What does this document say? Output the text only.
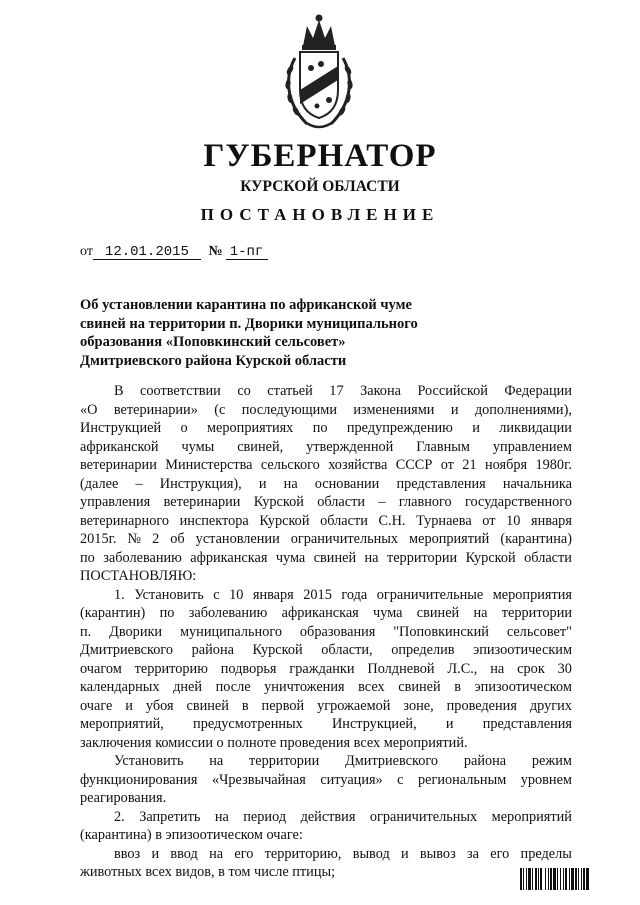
ГУБЕРНАТОР
КУРСКОЙ ОБЛАСТИ
ПОСТАНОВЛЕНИЕ
от 12.01.2015 № 1-пг
Об установлении карантина по африканской чуме
свиней на территории п. Дворики муниципального
образования «Поповкинский сельсовет»
Дмитриевского района Курской области
В соответствии со статьей 17 Закона Российской Федерации
«О ветеринарии» (с последующими изменениями и дополнениями),
Инструкцией о мероприятиях по предупреждению и ликвидации
африканской чумы свиней, утвержденной Главным управлением
ветеринарии Министерства сельского хозяйства СССР от 21 ноября 1980г.
(далее – Инструкция), и на основании представления начальника
управления ветеринарии Курской области – главного государственного
ветеринарного инспектора Курской области С.Н. Турнаева от 10 января
2015г. № 2 об установлении ограничительных мероприятий (карантина)
по заболеванию африканская чума свиней на территории Курской области
ПОСТАНОВЛЯЮ:
1. Установить с 10 января 2015 года ограничительные мероприятия
(карантин) по заболеванию африканская чума свиней на территории
п. Дворики муниципального образования "Поповкинский сельсовет"
Дмитриевского района Курской области, определив эпизоотическим
очагом территорию подворья гражданки Полдневой Л.С., на срок 30
календарных дней после уничтожения всех свиней в эпизоотическом
очаге и убоя свиней в первой угрожаемой зоне, проведения других
мероприятий, предусмотренных Инструкцией, и представления
заключения комиссии о полноте проведения всех мероприятий.
Установить на территории Дмитриевского района режим
функционирования «Чрезвычайная ситуация» с региональным уровнем
реагирования.
2. Запретить на период действия ограничительных мероприятий
(карантина) в эпизоотическом очаге:
ввоз и ввод на его территорию, вывод и вывоз за его пределы
животных всех видов, в том числе птицы;
